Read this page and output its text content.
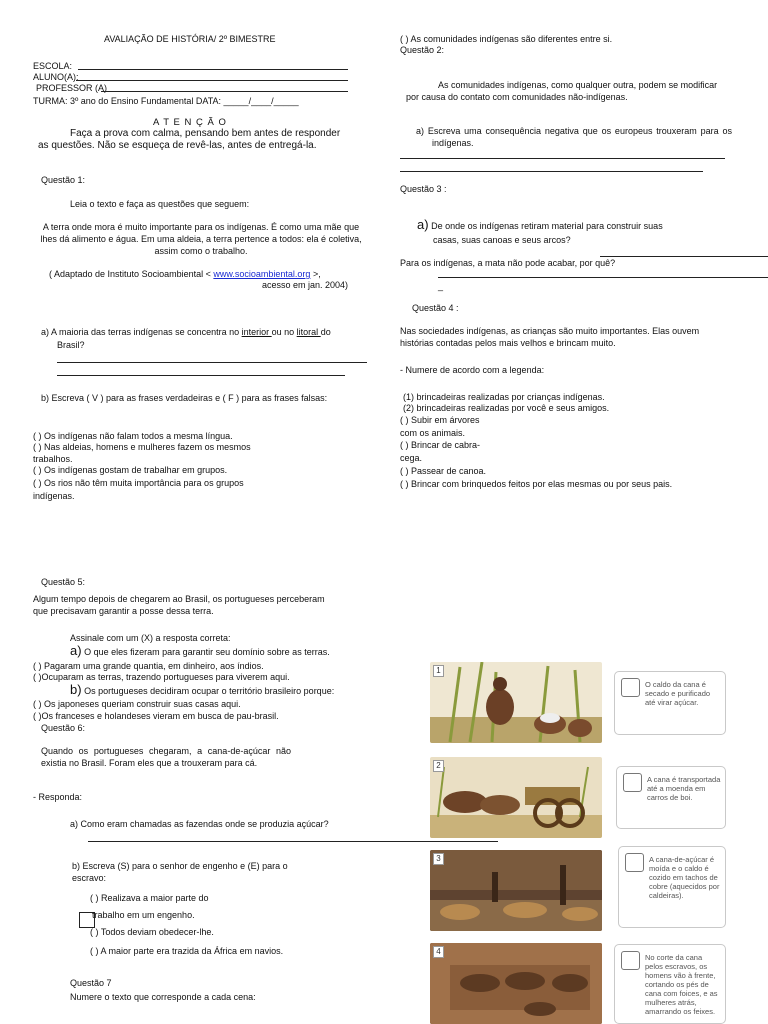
AVALIAÇÃO DE HISTÓRIA/ 2º BIMESTRE
ESCOLA:
ALUNO(A):
PROFESSOR (A)
TURMA: 3º ano do Ensino Fundamental DATA: _____/____/_____
A T E N Ç Ã O
Faça a prova com calma, pensando bem antes de responder as questões. Não se esqueça de revê-las, antes de entregá-la.
Questão 1:
Leia o texto e faça as questões que seguem:
A terra onde mora é muito importante para os indígenas. É como uma mãe que lhes dá alimento e água. Em uma aldeia, a terra pertence a todos: ela é coletiva, assim como o trabalho.
( Adaptado de Instituto Socioambiental < www.socioambiental.org >,
acesso em jan. 2004)
a) A maioria das terras indígenas se concentra no interior ou no litoral do
Brasil?
b) Escreva ( V ) para as frases verdadeiras e ( F ) para as frases falsas:
( ) Os indígenas não falam todos a mesma língua.
( ) Nas aldeias, homens e mulheres fazem os mesmos
trabalhos.
( ) Os indígenas gostam de trabalhar em grupos.
( ) Os rios não têm muita importância para os grupos
indígenas.
( ) As comunidades indígenas são diferentes entre si.
Questão 2:
As comunidades indígenas, como qualquer outra, podem se modificar por causa do contato com comunidades não-indígenas.
a) Escreva uma consequência negativa que os europeus trouxeram para os indígenas.
Questão 3 :
a) De onde os indígenas retiram material para construir suas
casas, suas canoas e seus arcos?
Para os indígenas, a mata não pode acabar, por quê?
_
Questão 4 :
Nas sociedades indígenas, as crianças são muito importantes. Elas ouvem histórias contadas pelos mais velhos e brincam muito.
- Numere de acordo com a legenda:
(1) brincadeiras realizadas por crianças indígenas.
(2) brincadeiras realizadas por você e seus amigos.
( ) Subir em árvores
com os animais.
( ) Brincar de cabra-
cega.
( ) Passear de canoa.
( ) Brincar com brinquedos feitos por elas mesmas ou por seus pais.
Questão 5:
Algum tempo depois de chegarem ao Brasil, os portugueses perceberam que precisavam garantir a posse dessa terra.
Assinale com um (X) a resposta correta:
a) O que eles fizeram para garantir seu domínio sobre as terras.
( ) Pagaram uma grande quantia, em dinheiro, aos índios.
( )Ocuparam as terras, trazendo portugueses para viverem aqui.
b) Os portugueses decidiram ocupar o território brasileiro porque:
( ) Os japoneses queriam construir suas casas aqui.
( )Os franceses e holandeses vieram em busca de pau-brasil.
Questão 6:
Quando os portugueses chegaram, a cana-de-açúcar não existia no Brasil. Foram eles que a trouxeram para cá.
- Responda:
a) Como eram chamadas as fazendas onde se produzia açúcar?
b) Escreva (S) para o senhor de engenho e (E) para o
escravo:
( ) Realizava a maior parte do
trabalho em um engenho.
( ) Todos deviam obedecer-lhe.
( ) A maior parte era trazida da África em navios.
Questão 7
Numere o texto que corresponde a cada cena:
1
O caldo da cana é secado e purificado até virar açúcar.
2
A cana é transportada até a moenda em carros de boi.
3	A cana-de-açúcar é moída e o caldo é cozido em tachos de cobre (aquecidos por caldeiras).
4
No corte da cana pelos escravos, os homens vão à frente, cortando os pés de cana com foices, e as mulheres atrás, amarrando os feixes.
